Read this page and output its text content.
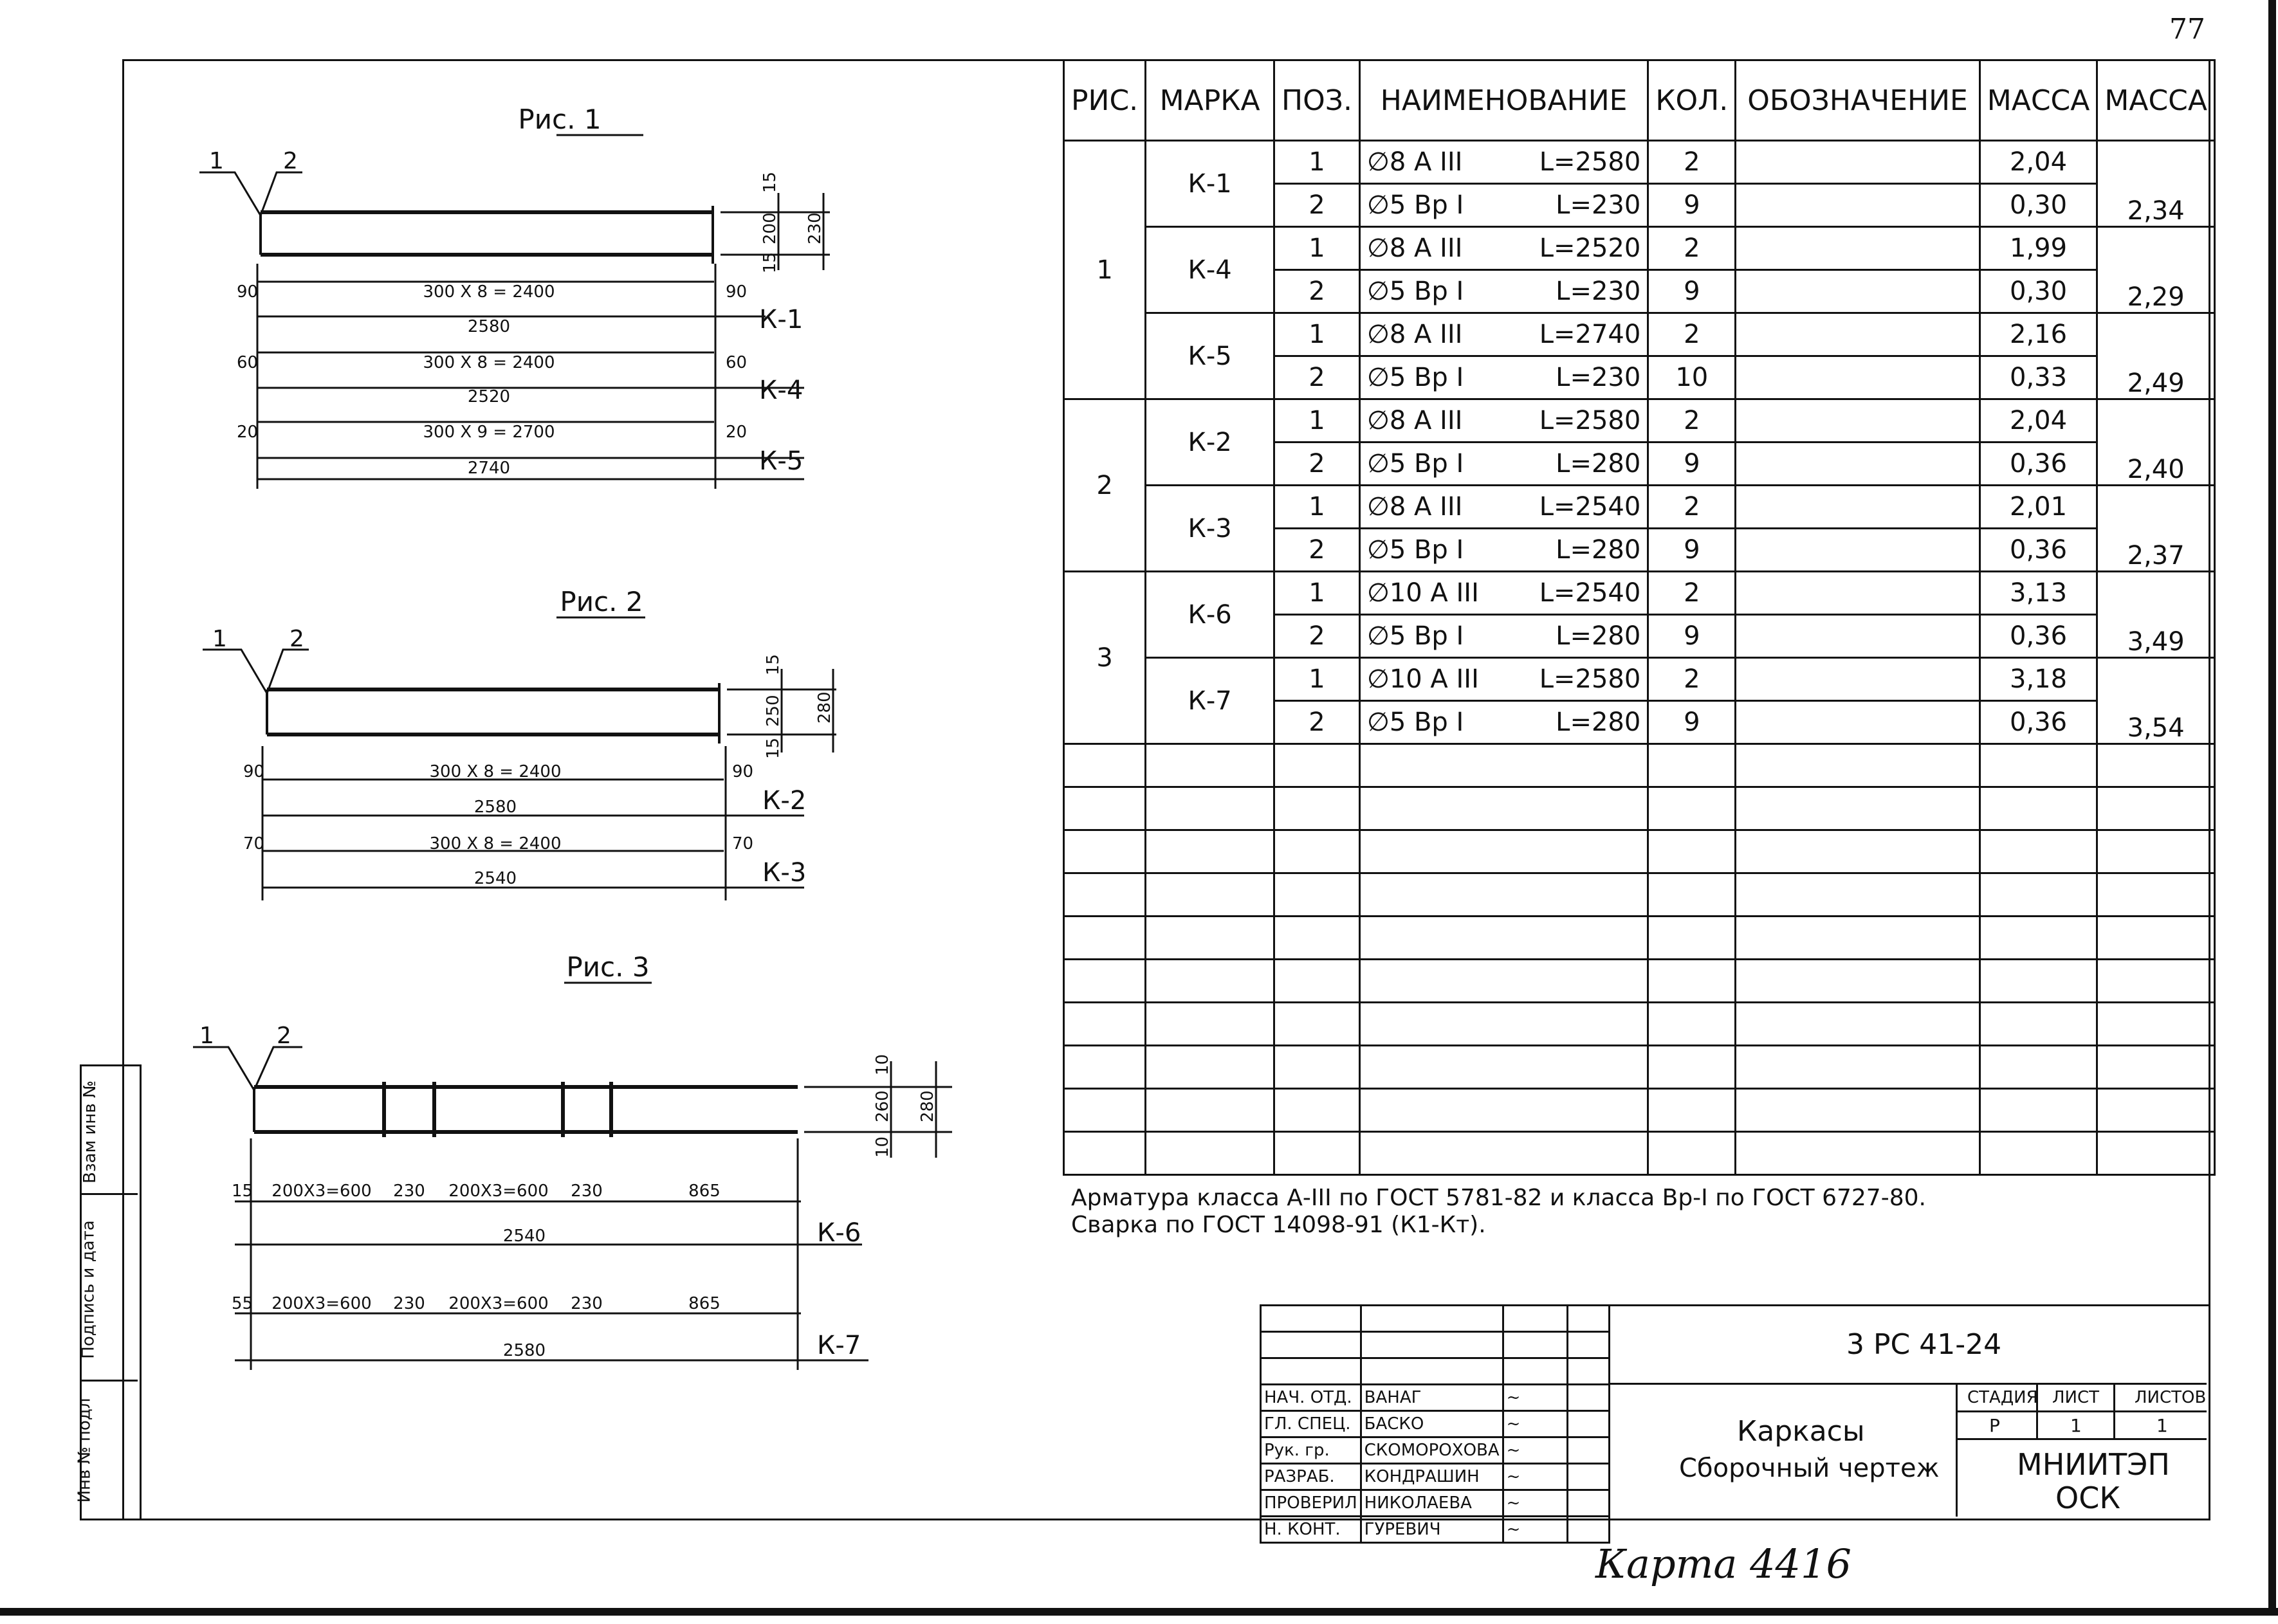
Взам инв №
Подпись и дата
Инв № подл
77
Рис. 1
1	2
15
200
15
230
90	300 X 8 = 2400	90
2580	К-1
60	300 X 8 = 2400	60
2520	К-4
20	300 X 9 = 2700	20
2740	К-5
Рис. 2
1	2
15
250
15
280
90	300 X 8 = 2400	90
2580	К-2
70	300 X 8 = 2400	70
2540	К-3
Рис. 3
1	2
10
260
10
280
15 200X3=600 230 200X3=600 230	865
2540	К-6
55 200X3=600 230 200X3=600 230	865
2580	К-7
РИС.	МАРКА	ПОЗ.	НАИМЕНОВАНИЕ	КОЛ.	ОБОЗНАЧЕНИЕ	МАССА	МАССА
1	К-1	1	∅8 А III L=2580	2		2,04	2,34
		2	∅5 Вр I L=230	9		0,30	
	К-4	1	∅8 А III L=2520	2		1,99	2,29
		2	∅5 Вр I L=230	9		0,30	
	К-5	1	∅8 А III L=2740	2		2,16	2,49
		2	∅5 Вр I L=230	10		0,33	
2	К-2	1	∅8 А III L=2580	2		2,04	2,40
		2	∅5 Вр I L=280	9		0,36	
	К-3	1	∅8 А III L=2540	2		2,01	2,37
		2	∅5 Вр I L=280	9		0,36	
3	К-6	1	∅10 А III L=2540	2		3,13	3,49
		2	∅5 Вр I L=280	9		0,36	
	К-7	1	∅10 А III L=2580	2		3,18	3,54
		2	∅5 Вр I L=280	9		0,36	

Арматура класса А-III по ГОСТ 5781-82 и класса Вр-I по ГОСТ 6727-80.
Сварка по ГОСТ 14098-91 (К1-Кт).
3 РС 41-24
Каркасы
Сборочный чертеж
СТАДИЯ ЛИСТ ЛИСТОВ
Р	1	1
МНИИТЭП
ОСК

НАЧ. ОТД.	ВАНАГ	~	
ГЛ. СПЕЦ.	БАСКО	~	
Рук. гр.	СКОМОРОХОВА	~	
РАЗРАБ.	КОНДРАШИН	~	
ПРОВЕРИЛ	НИКОЛАЕВА	~	
Н. КОНТ.	ГУРЕВИЧ	~	
Карта 4416
